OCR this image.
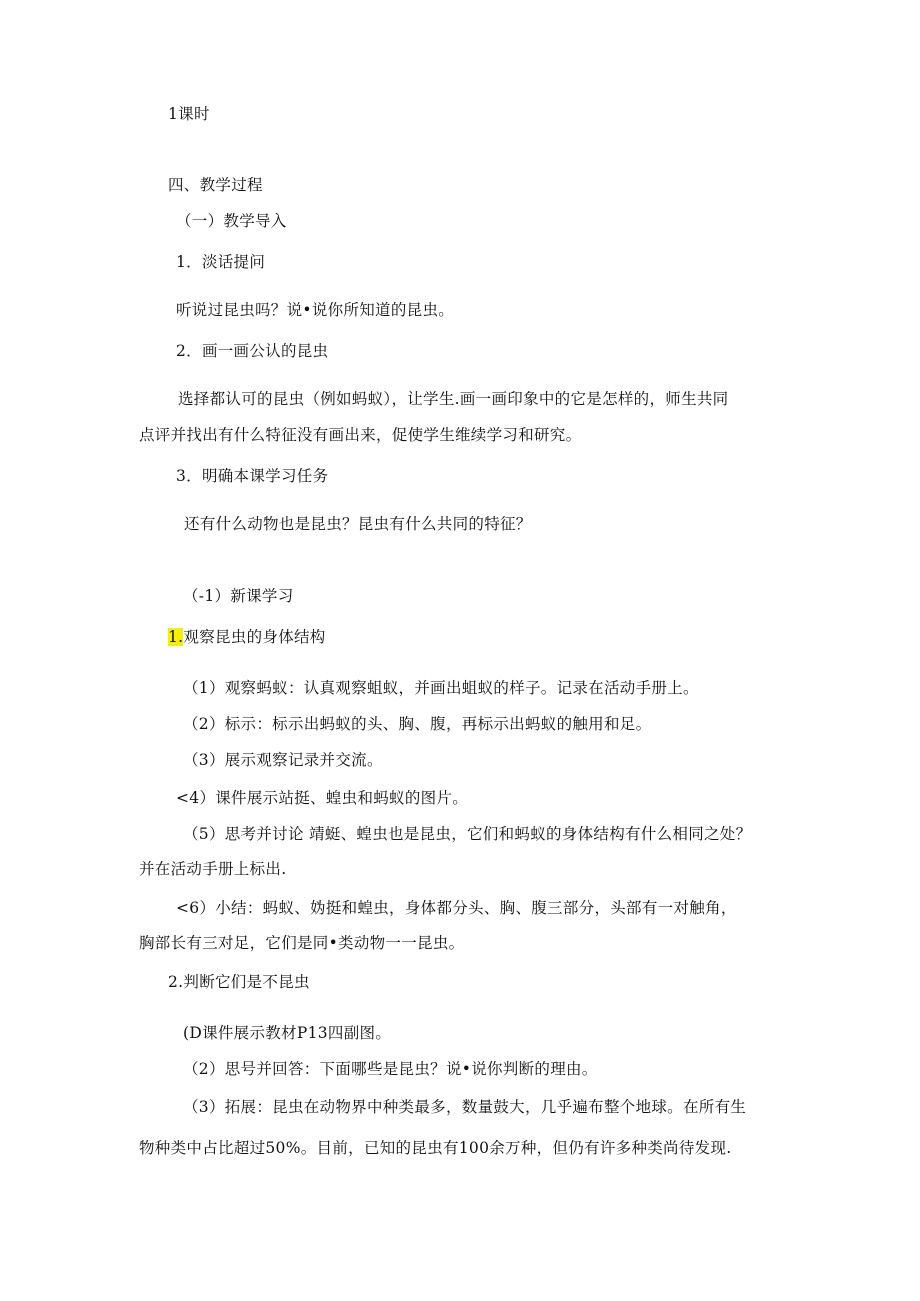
1课时
四、教学过程
（一）教学导入
1．淡话提问
听说过昆虫吗？说•说你所知道的昆虫。
2．画一画公认的昆虫
选择都认可的昆虫（例如蚂蚁），让学生.画一画印象中的它是怎样的，师生共同
点评并找出有什么特征没有画出来，促使学生维续学习和研究。
3．明确本课学习任务
还有什么动物也是昆虫？昆虫有什么共同的特征？
（-1）新课学习
1.观察昆虫的身体结构
（1）观察蚂蚁：认真观察蛆蚁，并画出蛆蚁的样子。记录在活动手册上。
（2）标示：标示出蚂蚁的头、胸、腹，再标示出蚂蚁的触用和足。
（3）展示观察记录并交流。
<4）课件展示站挺、蝗虫和蚂蚁的图片。
（5）思考并讨论 靖蜓、蝗虫也是昆虫，它们和蚂蚁的身体结构有什么相同之处？
并在活动手册上标出.
<6）小结：蚂蚁、妫挺和蝗虫，身体都分头、胸、腹三部分，头部有一对触角，
胸部长有三对足，它们是同•类动物一一昆虫。
2.判断它们是不昆虫
(D课件展示教材P13四副图。
（2）思号并回答：下面哪些是昆虫？说•说你判断的理由。
（3）拓展：昆虫在动物界中种类最多，数量鼓大，几乎遍布整个地球。在所有生
物种类中占比超过50%。目前，已知的昆虫有100余万种，但仍有许多种类尚待发现.
